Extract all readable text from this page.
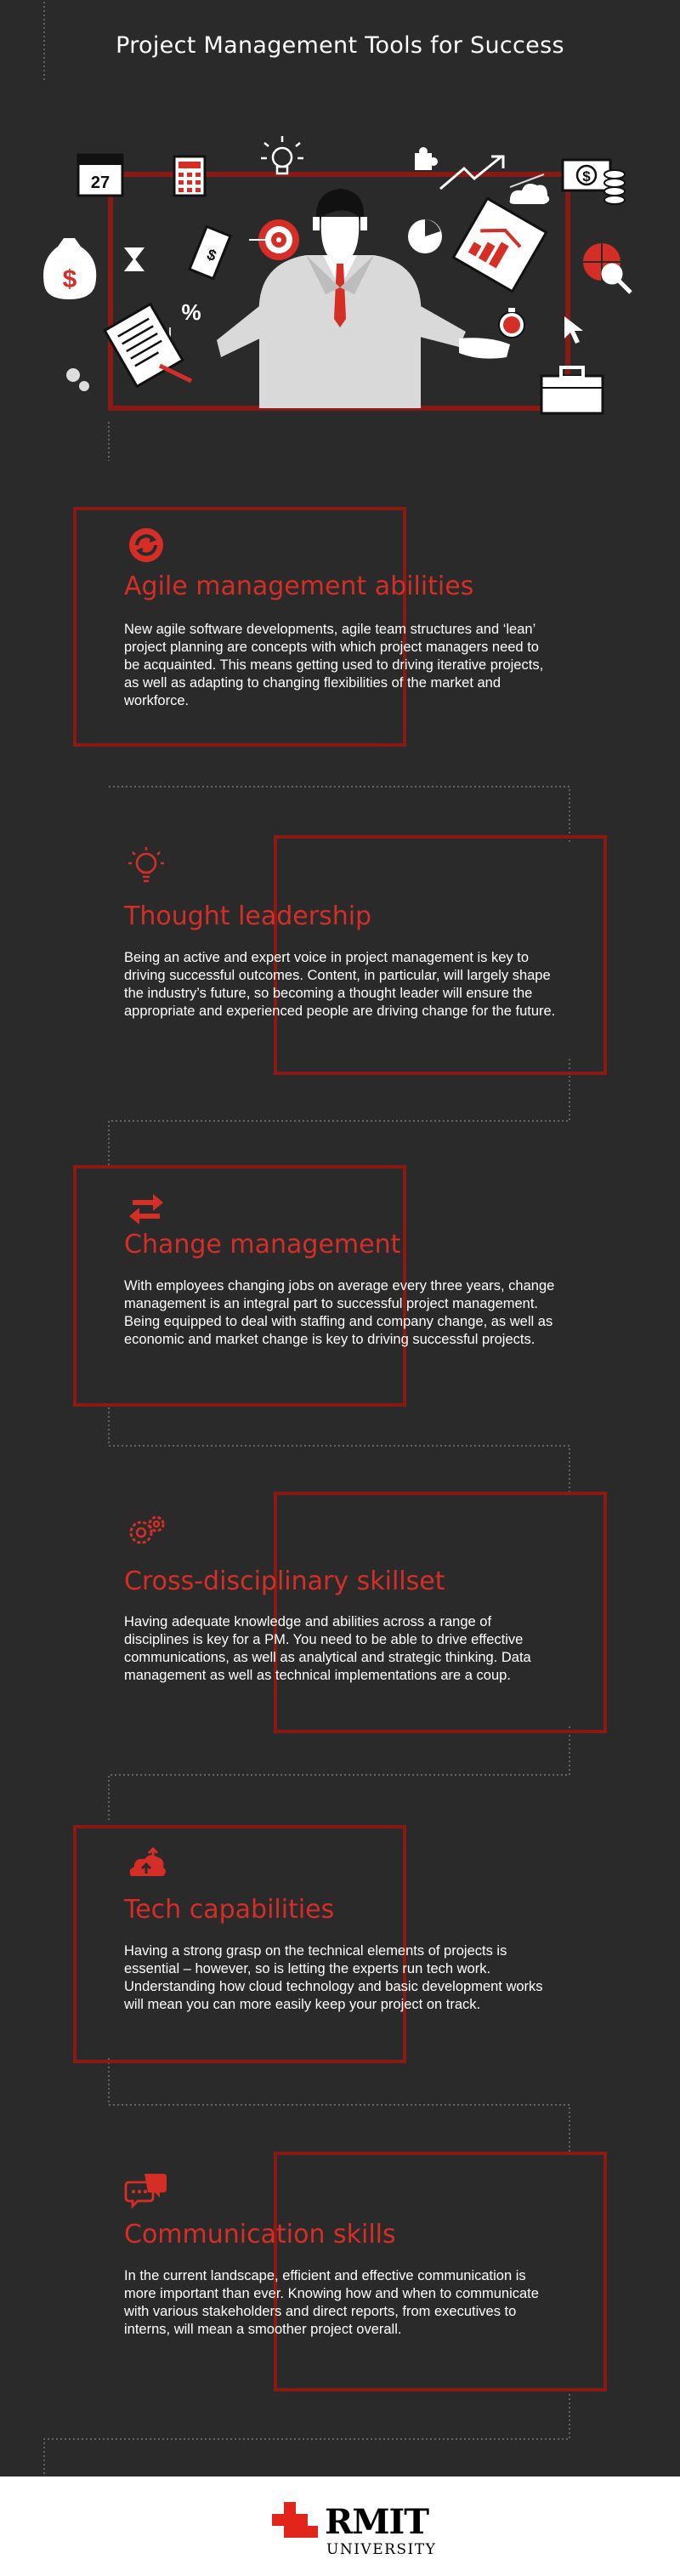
Project Management Tools for Success
27	$
$
%
$
Agile management abilities

New agile software developments, agile team structures and ‘lean’ project planning are concepts with which project managers need to be acquainted. This means getting used to driving iterative projects, as well as adapting to changing flexibilities of the market and workforce.

Thought leadership

Being an active and expert voice in project management is key to driving successful outcomes. Content, in particular, will largely shape the industry’s future, so becoming a thought leader will ensure the appropriate and experienced people are driving change for the future.

Change management

With employees changing jobs on average every three years, change management is an integral part to successful project management. Being equipped to deal with staffing and company change, as well as economic and market change is key to driving successful projects.

Cross-disciplinary skillset

Having adequate knowledge and abilities across a range of disciplines is key for a PM. You need to be able to drive effective communications, as well as analytical and strategic thinking. Data management as well as technical implementations are a coup.

Tech capabilities

Having a strong grasp on the technical elements of projects is essential – however, so is letting the experts run tech work. Understanding how cloud technology and basic development works will mean you can more easily keep your project on track.

Communication skills

In the current landscape, efficient and effective communication is more important than ever. Knowing how and when to communicate with various stakeholders and direct reports, from executives to interns, will mean a smoother project overall.

RMIT
UNIVERSITY
